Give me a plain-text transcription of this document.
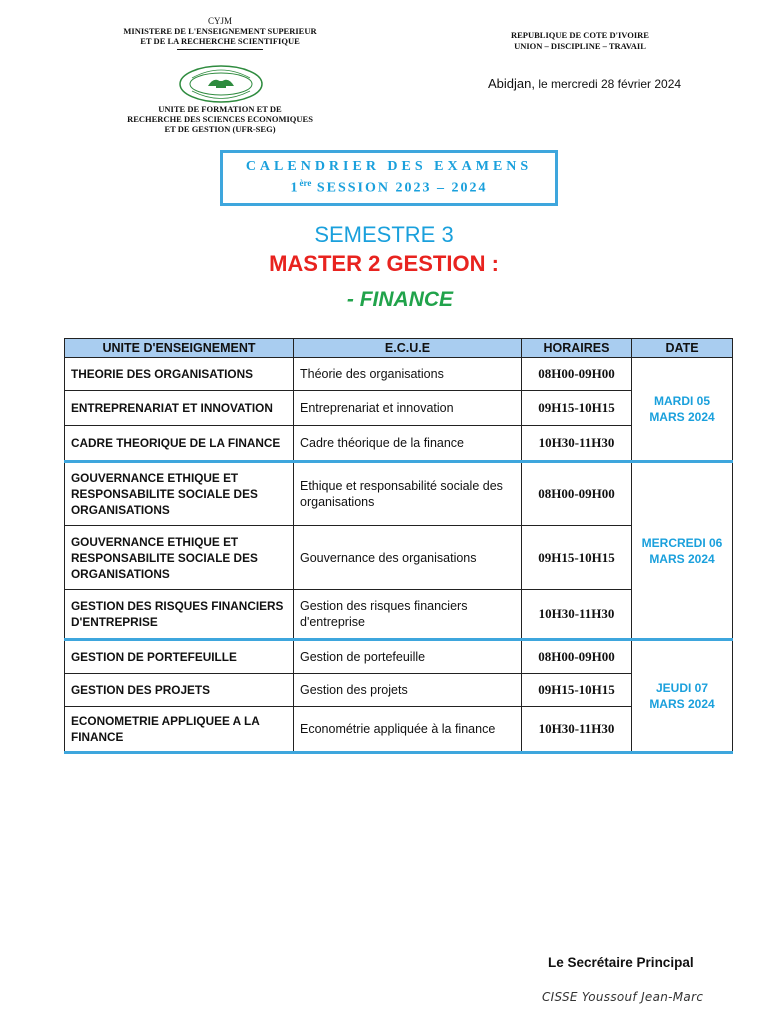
CYJM
MINISTERE DE L'ENSEIGNEMENT SUPERIEUR
ET DE LA RECHERCHE SCIENTIFIQUE
UNITE DE FORMATION ET DE
RECHERCHE DES SCIENCES ECONOMIQUES
ET DE GESTION (UFR-SEG)
REPUBLIQUE DE COTE D'IVOIRE
UNION – DISCIPLINE – TRAVAIL
Abidjan, le mercredi 28 février 2024
CALENDRIER DES EXAMENS
1ère SESSION 2023 – 2024
SEMESTRE 3
MASTER 2 GESTION :
- FINANCE
UNITE D'ENSEIGNEMENT	E.C.U.E	HORAIRES	DATE
THEORIE DES ORGANISATIONS	Théorie des organisations	08H00-09H00	MARDI 05
MARS 2024
ENTREPRENARIAT ET INNOVATION	Entreprenariat et innovation	09H15-10H15	
CADRE THEORIQUE DE LA FINANCE	Cadre théorique de la finance	10H30-11H30	
GOUVERNANCE ETHIQUE ET RESPONSABILITE SOCIALE DES ORGANISATIONS	Ethique et responsabilité sociale des organisations	08H00-09H00	MERCREDI 06
MARS 2024
GOUVERNANCE ETHIQUE ET RESPONSABILITE SOCIALE DES ORGANISATIONS	Gouvernance des organisations	09H15-10H15	
GESTION DES RISQUES FINANCIERS D'ENTREPRISE	Gestion des risques financiers d'entreprise	10H30-11H30	
GESTION DE PORTEFEUILLE	Gestion de portefeuille	08H00-09H00	JEUDI 07
MARS 2024
GESTION DES PROJETS	Gestion des projets	09H15-10H15	
ECONOMETRIE APPLIQUEE A LA FINANCE	Econométrie appliquée à la finance	10H30-11H30	
Le Secrétaire Principal
CISSE Youssouf Jean-Marc
